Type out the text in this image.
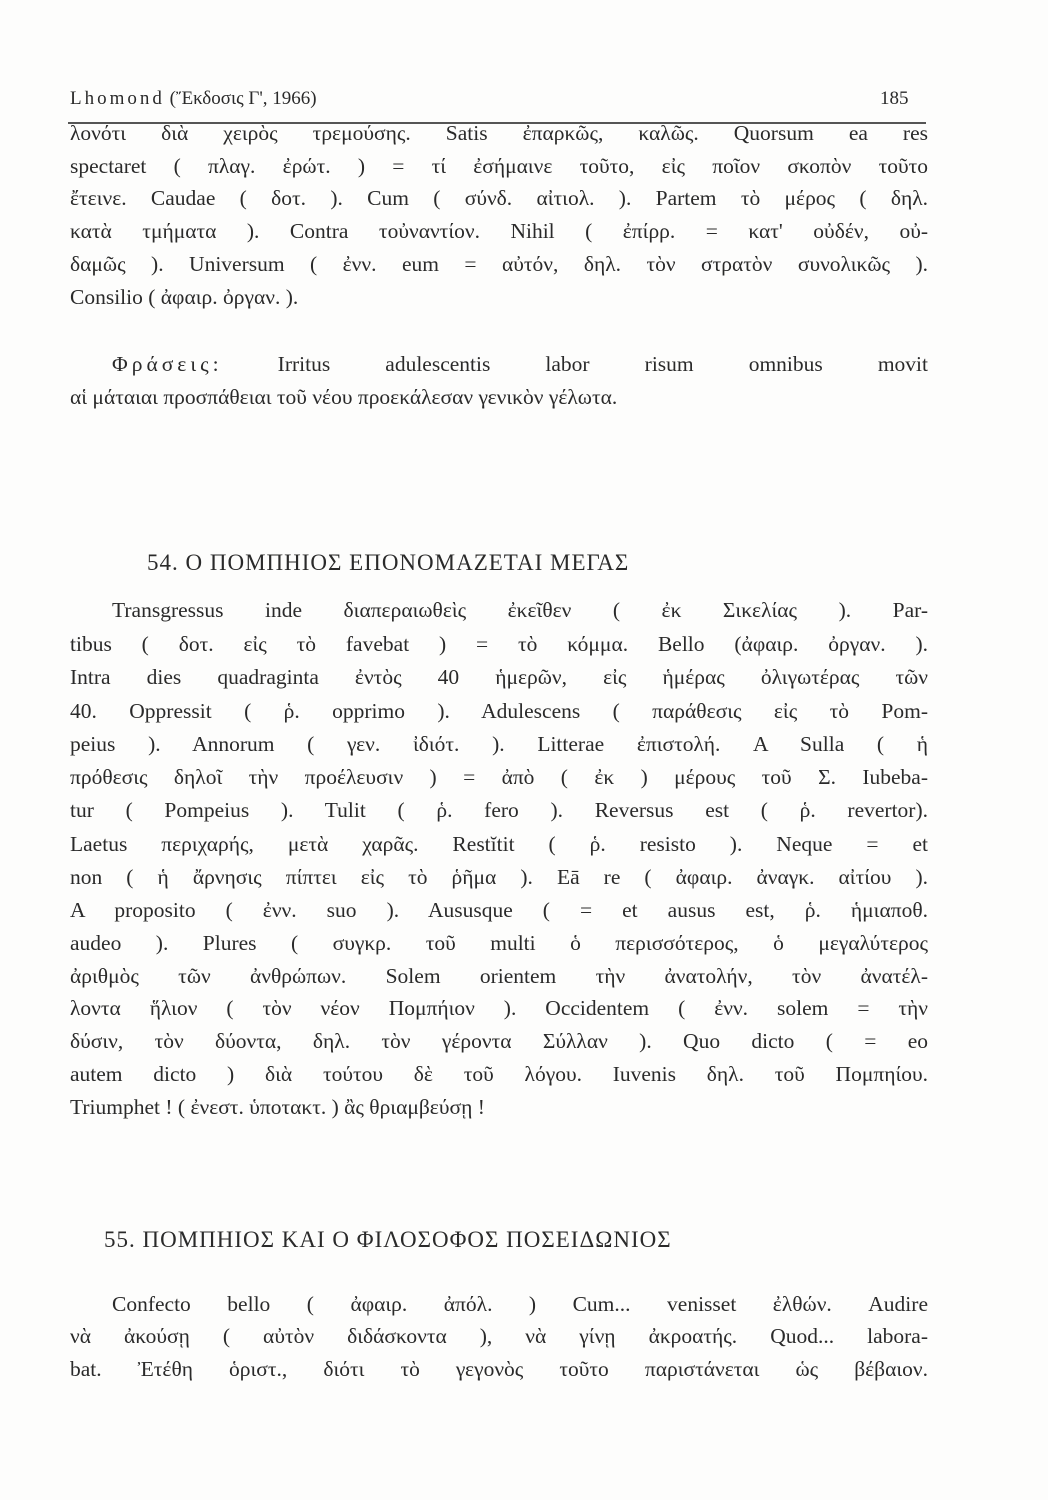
Lhomond (Ἔκδοσις Γ', 1966)	185
λονότι διὰ χειρὸς τρεμούσης. Satis ἐπαρκῶς, καλῶς. Quorsum ea res
spectaret ( πλαγ. ἐρώτ. ) = τί ἐσήμαινε τοῦτο, εἰς ποῖον σκοπὸν τοῦτο
ἔτεινε. Caudae ( δοτ. ). Cum ( σύνδ. αἰτιολ. ). Partem τὸ μέρος ( δηλ.
κατὰ τμήματα ). Contra τοὐναντίον. Nihil ( ἐπίρρ. = κατ' οὐδέν, οὐ-
δαμῶς ). Universum ( ἐνν. eum = αὐτόν, δηλ. τὸν στρατὸν συνολικῶς ).
Consilio ( ἀφαιρ. ὀργαν. ).
Φράσεις:	Irritus adulescentis labor risum omnibus movit
αἱ μάταιαι προσπάθειαι τοῦ νέου προεκάλεσαν γενικὸν γέλωτα.
54. Ο ΠΟΜΠΗΙΟΣ ΕΠΟΝΟΜΑΖΕΤΑΙ ΜΕΓΑΣ
Transgressus inde διαπεραιωθεὶς ἐκεῖθεν ( ἐκ Σικελίας ). Par-
tibus ( δοτ. εἰς τὸ favebat ) = τὸ κόμμα. Bello (ἀφαιρ. ὀργαν. ).
Intra dies quadraginta ἐντὸς 40 ἡμερῶν, εἰς ἡμέρας ὀλιγωτέρας τῶν
40. Oppressit ( ῥ. opprimo ). Adulescens ( παράθεσις εἰς τὸ Pom-
peius ). Annorum ( γεν. ἰδιότ. ). Litterae ἐπιστολή. A Sulla ( ἡ
πρόθεσις δηλοῖ τὴν προέλευσιν ) = ἀπὸ ( ἐκ ) μέρους τοῦ Σ. Iubeba-
tur ( Pompeius ). Tulit ( ῥ. fero ). Reversus est ( ῥ. revertor).
Laetus περιχαρής, μετὰ χαρᾶς. Restĭtit ( ῥ. resisto ). Neque = et
non ( ἡ ἄρνησις πίπτει εἰς τὸ ῥῆμα ). Eā re ( ἀφαιρ. ἀναγκ. αἰτίου ).
A proposito ( ἐνν. suo ). Aususque ( = et ausus est, ῥ. ἡμιαποθ.
audeo ). Plures ( συγκρ. τοῦ multi ὁ περισσότερος, ὁ μεγαλύτερος
ἀριθμὸς τῶν ἀνθρώπων. Solem orientem τὴν ἀνατολήν, τὸν ἀνατέλ-
λοντα ἥλιον ( τὸν νέον Πομπήιον ). Occidentem ( ἐνν. solem = τὴν
δύσιν, τὸν δύοντα, δηλ. τὸν γέροντα Σύλλαν ). Quo dicto ( = eo
autem dicto ) διὰ τούτου δὲ τοῦ λόγου. Iuvenis δηλ. τοῦ Πομπηίου.
Triumphet ! ( ἐνεστ. ὑποτακτ. ) ἂς θριαμβεύσῃ !
55. ΠΟΜΠΗΙΟΣ ΚΑΙ Ο ΦΙΛΟΣΟΦΟΣ ΠΟΣΕΙΔΩΝΙΟΣ
Confecto bello ( ἀφαιρ. ἀπόλ. ) Cum... venisset ἐλθών. Audire
νὰ ἀκούσῃ ( αὐτὸν διδάσκοντα ), νὰ γίνῃ ἀκροατής. Quod... labora-
bat. Ἐτέθη ὁριστ., διότι τὸ γεγονὸς τοῦτο παριστάνεται ὡς βέβαιον.
